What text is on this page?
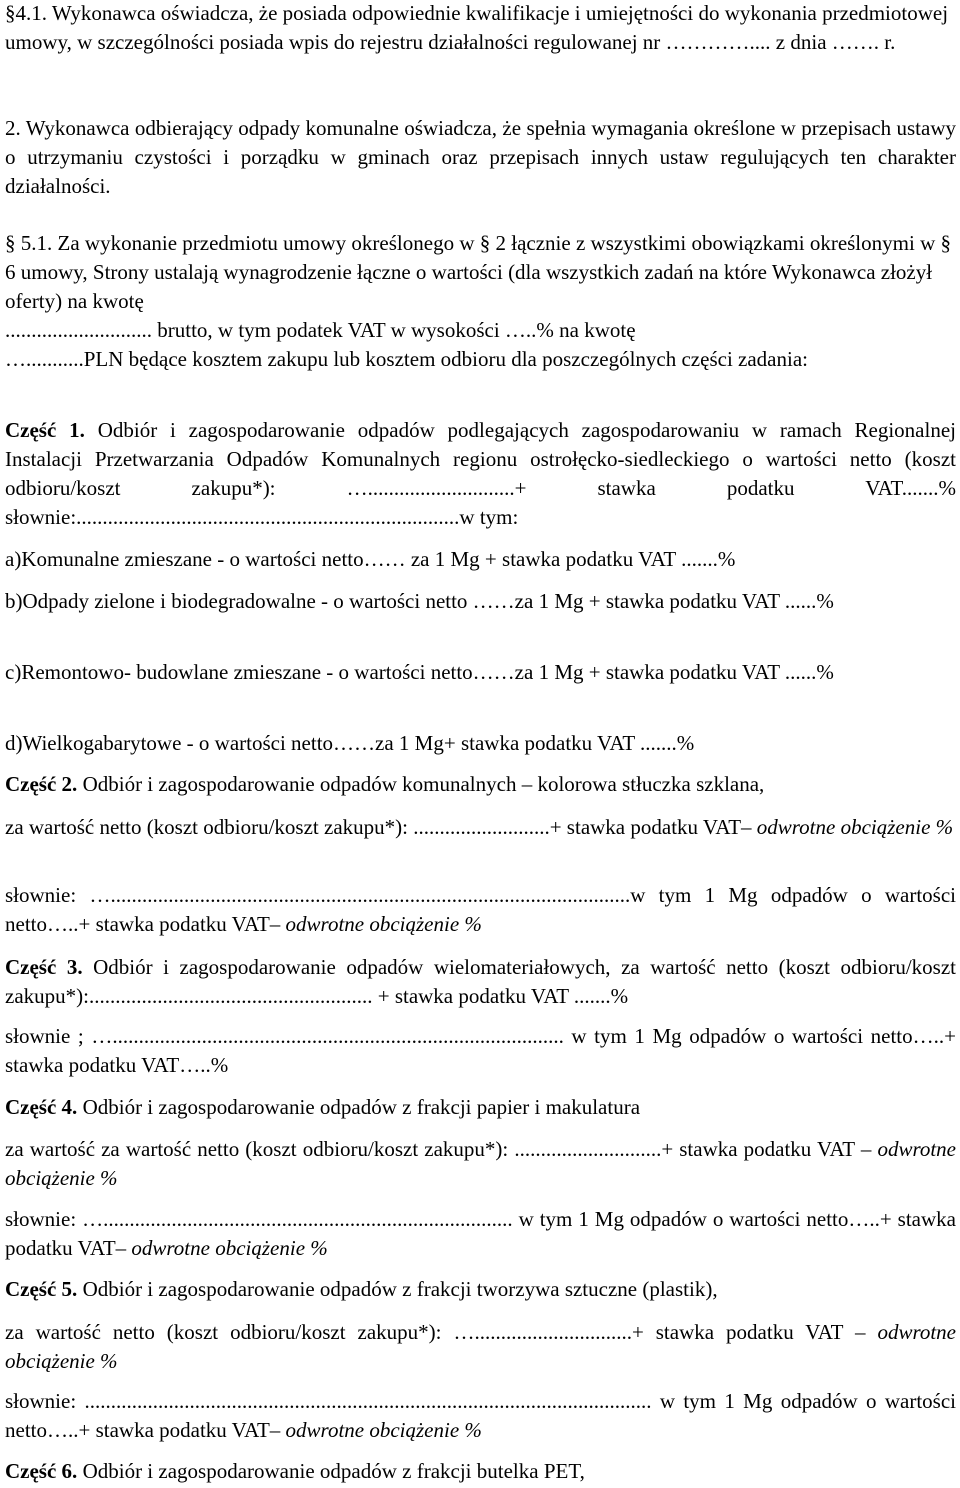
§4.1. Wykonawca oświadcza, że posiada odpowiednie kwalifikacje i umiejętności do wykonania przedmiotowej umowy, w szczególności posiada wpis do rejestru działalności regulowanej nr ………….... z dnia ……. r.

2. Wykonawca odbierający odpady komunalne oświadcza, że spełnia wymagania określone w przepisach ustawy o utrzymaniu czystości i porządku w gminach oraz przepisach innych ustaw regulujących ten charakter działalności.

§ 5.1. Za wykonanie przedmiotu umowy określonego w § 2 łącznie z wszystkimi obowiązkami określonymi w § 6 umowy, Strony ustalają wynagrodzenie łączne o wartości (dla wszystkich zadań na które Wykonawca złożył oferty) na kwotę
............................ brutto, w tym podatek VAT w wysokości …..% na kwotę
…...........PLN będące kosztem zakupu lub kosztem odbioru dla poszczególnych części zadania:

Część 1. Odbiór i zagospodarowanie odpadów podlegających zagospodarowaniu w ramach Regionalnej Instalacji Przetwarzania Odpadów Komunalnych regionu ostrołęcko-siedleckiego o wartości netto (koszt odbioru/koszt zakupu*): …............................+ stawka podatku VAT.......% słownie:.........................................................................w tym:

a)Komunalne zmieszane - o wartości netto…… za 1 Mg + stawka podatku VAT .......%

b)Odpady zielone i biodegradowalne - o wartości netto ……za 1 Mg + stawka podatku VAT ......%

c)Remontowo- budowlane zmieszane - o wartości netto……za 1 Mg + stawka podatku VAT ......%

d)Wielkogabarytowe - o wartości netto……za 1 Mg+ stawka podatku VAT .......%

Część 2. Odbiór i zagospodarowanie odpadów komunalnych – kolorowa stłuczka szklana,

za wartość netto (koszt odbioru/koszt zakupu*): ..........................+ stawka podatku VAT– odwrotne obciążenie %

słownie: …...................................................................................................w tym 1 Mg odpadów o wartości netto…..+ stawka podatku VAT– odwrotne obciążenie %

Część 3. Odbiór i zagospodarowanie odpadów wielomateriałowych, za wartość netto (koszt odbioru/koszt zakupu*):...................................................... + stawka podatku VAT .......%

słownie ; …...................................................................................... w tym 1 Mg odpadów o wartości netto…..+ stawka podatku VAT…..%

Część 4. Odbiór i zagospodarowanie odpadów z frakcji papier i makulatura

za wartość za wartość netto (koszt odbioru/koszt zakupu*): ............................+ stawka podatku VAT – odwrotne obciążenie %

słownie: ….............................................................................. w tym 1 Mg odpadów o wartości netto…..+ stawka podatku VAT– odwrotne obciążenie %

Część 5. Odbiór i zagospodarowanie odpadów z frakcji tworzywa sztuczne (plastik),

za wartość netto (koszt odbioru/koszt zakupu*): …..............................+ stawka podatku VAT – odwrotne obciążenie %

słownie: ............................................................................................................ w tym 1 Mg odpadów o wartości netto…..+ stawka podatku VAT– odwrotne obciążenie %

Część 6. Odbiór i zagospodarowanie odpadów z frakcji butelka PET,
